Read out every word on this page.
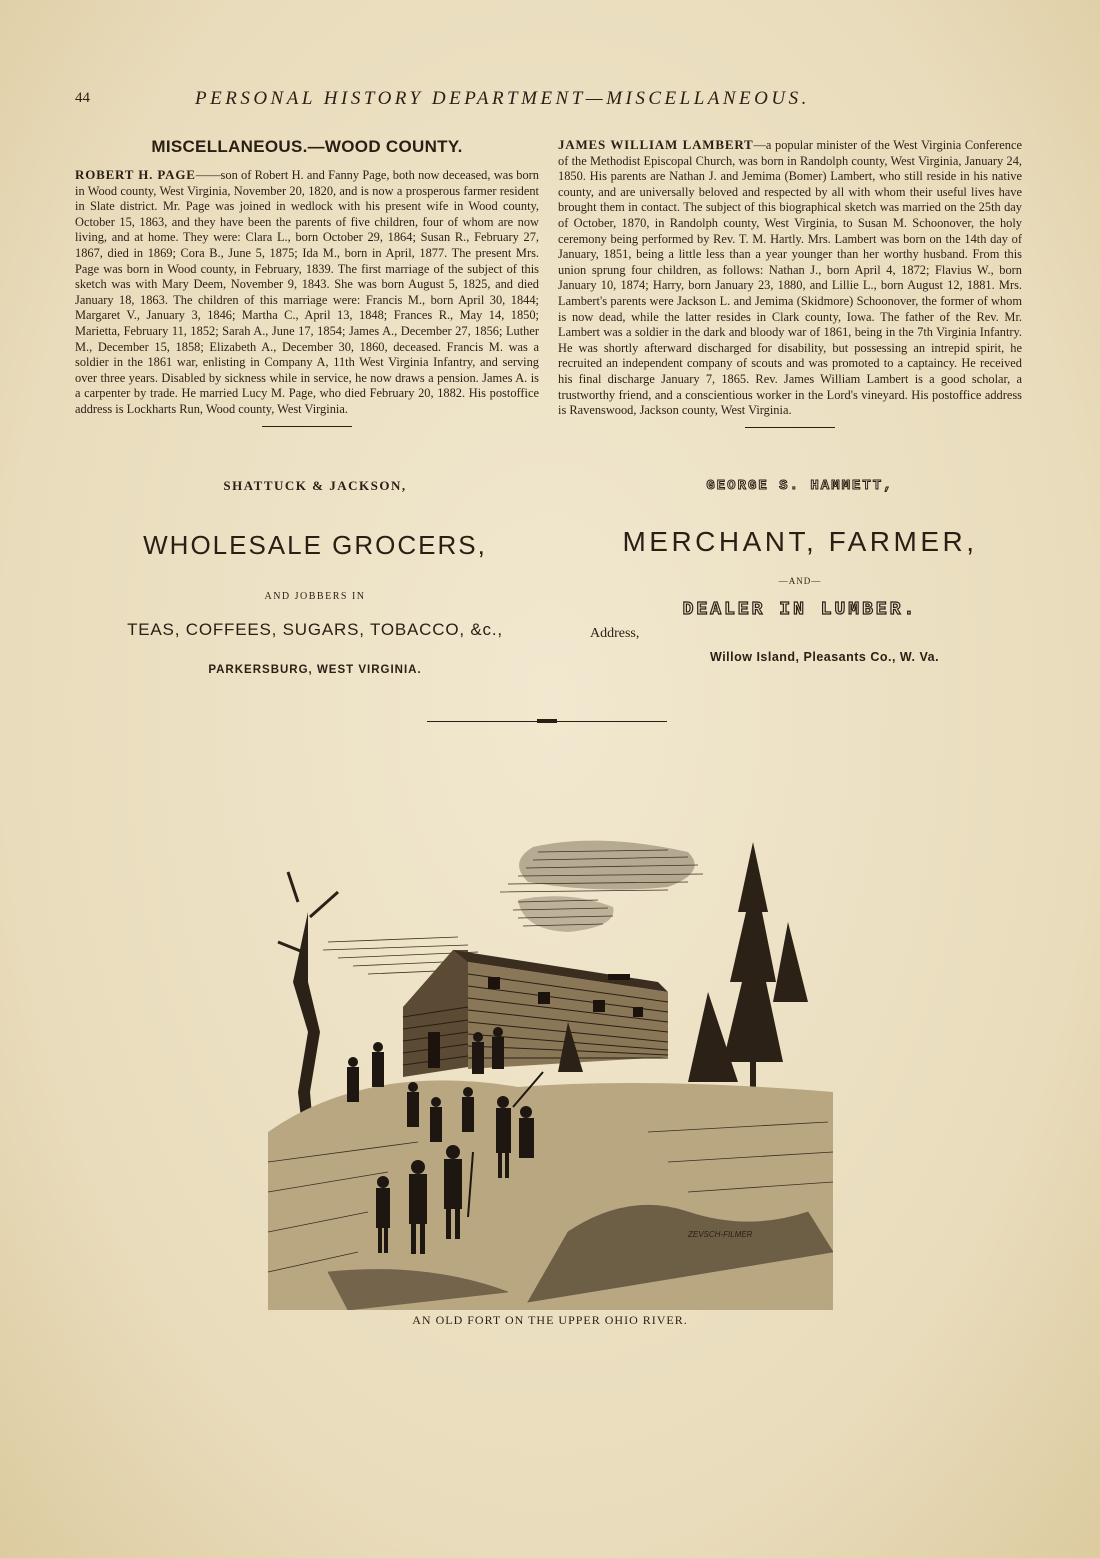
44	PERSONAL HISTORY DEPARTMENT—MISCELLANEOUS.
MISCELLANEOUS.—WOOD COUNTY.

ROBERT H. PAGE——son of Robert H. and Fanny Page, both now deceased, was born in Wood county, West Virginia, November 20, 1820, and is now a prosperous farmer resident in Slate district. Mr. Page was joined in wedlock with his present wife in Wood county, October 15, 1863, and they have been the parents of five children, four of whom are now living, and at home. They were: Clara L., born October 29, 1864; Susan R., February 27, 1867, died in 1869; Cora B., June 5, 1875; Ida M., born in April, 1877. The present Mrs. Page was born in Wood county, in February, 1839. The first marriage of the subject of this sketch was with Mary Deem, November 9, 1843. She was born August 5, 1825, and died January 18, 1863. The children of this marriage were: Francis M., born April 30, 1844; Margaret V., January 3, 1846; Martha C., April 13, 1848; Frances R., May 14, 1850; Marietta, February 11, 1852; Sarah A., June 17, 1854; James A., December 27, 1856; Luther M., December 15, 1858; Elizabeth A., December 30, 1860, deceased. Francis M. was a soldier in the 1861 war, enlisting in Company A, 11th West Virginia Infantry, and serving over three years. Disabled by sickness while in service, he now draws a pension. James A. is a carpenter by trade. He married Lucy M. Page, who died February 20, 1882. His postoffice address is Lockharts Run, Wood county, West Virginia.

JAMES WILLIAM LAMBERT—a popular minister of the West Virginia Conference of the Methodist Episcopal Church, was born in Randolph county, West Virginia, January 24, 1850. His parents are Nathan J. and Jemima (Bomer) Lambert, who still reside in his native county, and are universally beloved and respected by all with whom their useful lives have brought them in contact. The subject of this biographical sketch was married on the 25th day of October, 1870, in Randolph county, West Virginia, to Susan M. Schoonover, the holy ceremony being performed by Rev. T. M. Hartly. Mrs. Lambert was born on the 14th day of January, 1851, being a little less than a year younger than her worthy husband. From this union sprung four children, as follows: Nathan J., born April 4, 1872; Flavius W., born January 10, 1874; Harry, born January 23, 1880, and Lillie L., born August 12, 1881. Mrs. Lambert's parents were Jackson L. and Jemima (Skidmore) Schoonover, the former of whom is now dead, while the latter resides in Clark county, Iowa. The father of the Rev. Mr. Lambert was a soldier in the dark and bloody war of 1861, being in the 7th Virginia Infantry. He was shortly afterward discharged for disability, but possessing an intrepid spirit, he recruited an independent company of scouts and was promoted to a captaincy. He received his final discharge January 7, 1865. Rev. James William Lambert is a good scholar, a trustworthy friend, and a conscientious worker in the Lord's vineyard. His postoffice address is Ravenswood, Jackson county, West Virginia.

SHATTUCK & JACKSON,

WHOLESALE GROCERS,

AND JOBBERS IN

TEAS, COFFEES, SUGARS, TOBACCO, &c.,

PARKERSBURG, WEST VIRGINIA.

GEORGE S. HAMMETT,

MERCHANT, FARMER,

—AND—

DEALER IN LUMBER.

Address,
Willow Island, Pleasants Co., W. Va.
ZEVSCH-FILMER
AN OLD FORT ON THE UPPER OHIO RIVER.
